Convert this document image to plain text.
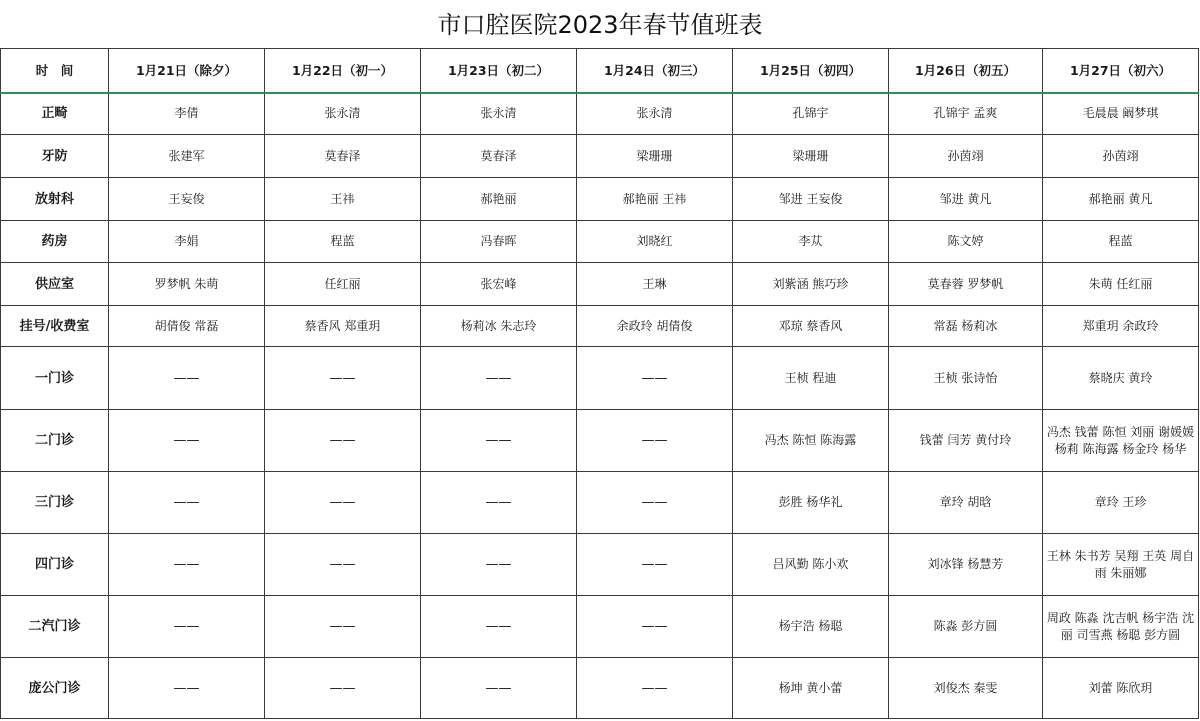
市口腔医院2023年春节值班表
时　间	1月21日（除夕）	1月22日（初一）	1月23日（初二）	1月24日（初三）	1月25日（初四）	1月26日（初五）	1月27日（初六）
正畸	李倩	张永清	张永清	张永清	孔锦宇	孔锦宇 孟爽	毛晨晨 阚梦琪
牙防	张建军	莫春泽	莫春泽	梁珊珊	梁珊珊	孙茵翊	孙茵翊
放射科	王妄俊	王祎	郝艳丽	郝艳丽 王祎	邹进 王妄俊	邹进 黄凡	郝艳丽 黄凡
药房	李娟	程蓝	冯春晖	刘晓红	李苁	陈文婷	程蓝
供应室	罗梦帆 朱萌	任红丽	张宏峰	王琳	刘紫涵 熊巧珍	莫春蓉 罗梦帆	朱萌 任红丽
挂号/收费室	胡倩俊 常磊	蔡香风 郑重玥	杨莉冰 朱志玲	余政玲 胡倩俊	邓琼 蔡香风	常磊 杨莉冰	郑重玥 余政玲
一门诊	——	——	——	——	王桢 程迪	王桢 张诗怡	蔡晓庆 黄玲
二门诊	——	——	——	——	冯杰 陈恒 陈海露	钱蕾 闫芳 黄付玲	冯杰 钱蕾 陈恒 刘丽 谢媛媛 杨莉 陈海露 杨金玲 杨华
三门诊	——	——	——	——	彭胜 杨华礼	章玲 胡晗	章玲 王珍
四门诊	——	——	——	——	吕风勤 陈小欢	刘冰锋 杨慧芳	王林 朱书芳 吴翔 王英 周自雨 朱丽娜
二汽门诊	——	——	——	——	杨宇浩 杨聪	陈淼 彭方圆	周政 陈淼 沈吉帆 杨宇浩 沈丽 司雪燕 杨聪 彭方圆
庞公门诊	——	——	——	——	杨坤 黄小蕾	刘俊杰 秦雯	刘蕾 陈欣玥
